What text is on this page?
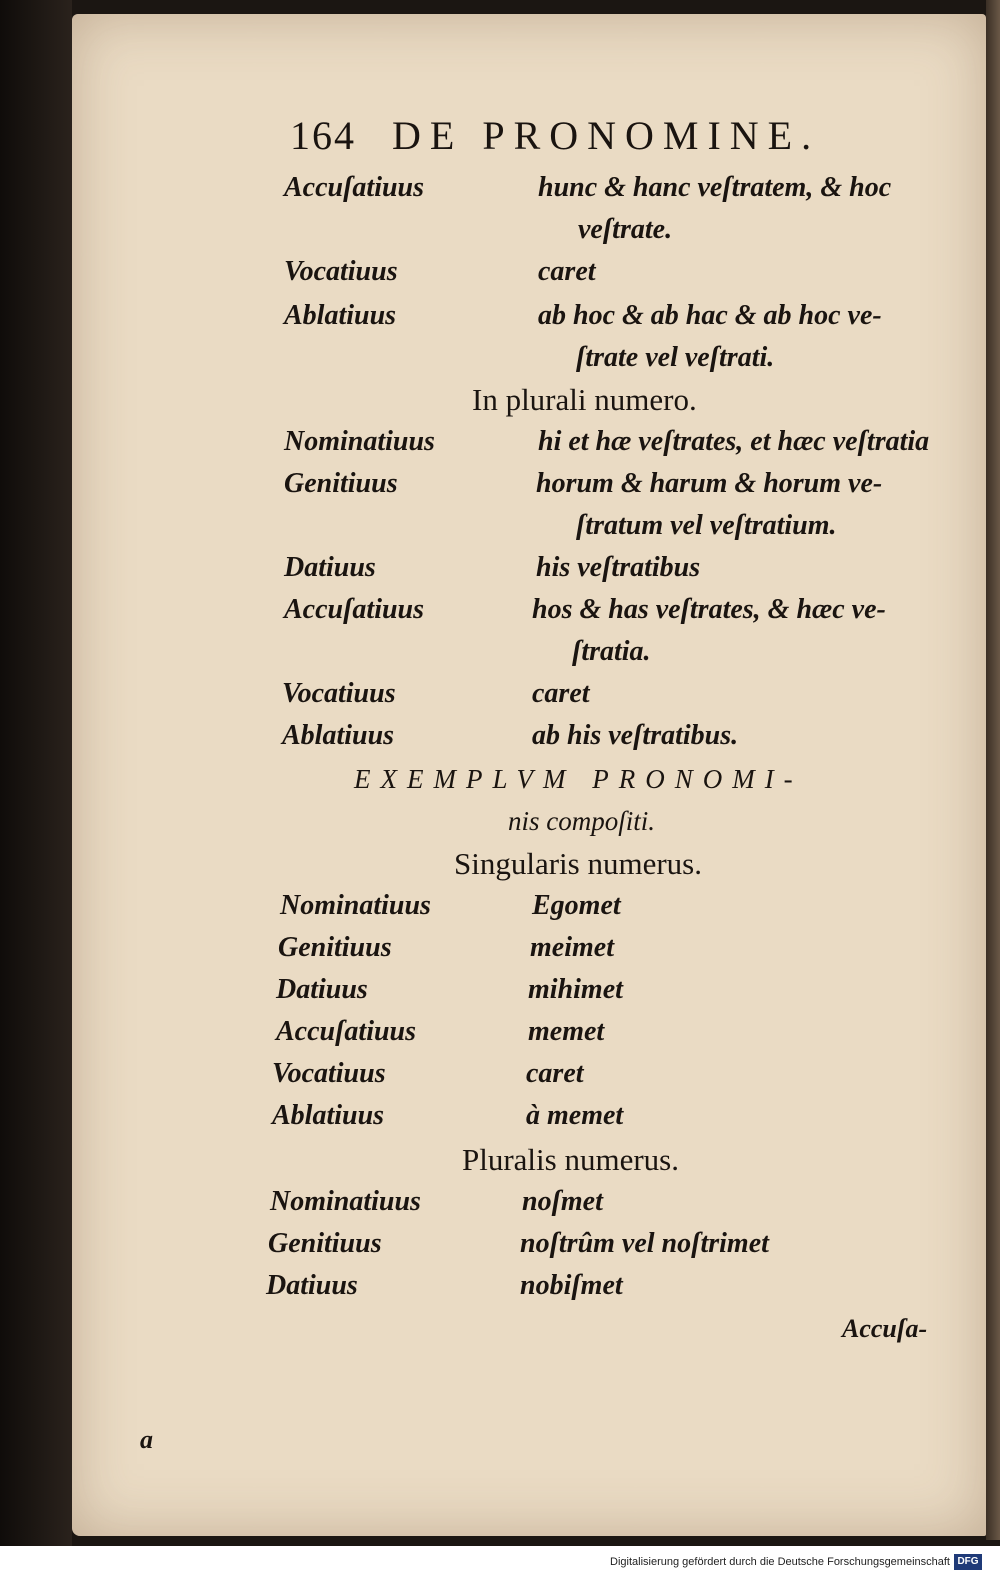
164 DE PRONOMINE.
Accuſatiuus	hunc & hanc veſtratem, & hoc
veſtrate.
Vocatiuus	caret
Ablatiuus	ab hoc & ab hac & ab hoc ve-
ſtrate vel veſtrati.
In plurali numero.
Nominatiuus	hi et hæ veſtrates, et hæc veſtratia
Genitiuus	horum & harum & horum ve-
ſtratum vel veſtratium.
Datiuus	his veſtratibus
Accuſatiuus	hos & has veſtrates, & hæc ve-
ſtratia.
Vocatiuus	caret
Ablatiuus	ab his veſtratibus.
EXEMPLVM PRONOMI-
nis compoſiti.
Singularis numerus.
Nominatiuus	Egomet
Genitiuus	meimet
Datiuus	mihimet
Accuſatiuus	memet
Vocatiuus	caret
Ablatiuus	à memet
Pluralis numerus.
Nominatiuus	noſmet
Genitiuus	noſtrûm vel noſtrimet
Datiuus	nobiſmet
Accuſa-
a
Digitalisierung gefördert durch die Deutsche Forschungsgemeinschaft DFG
